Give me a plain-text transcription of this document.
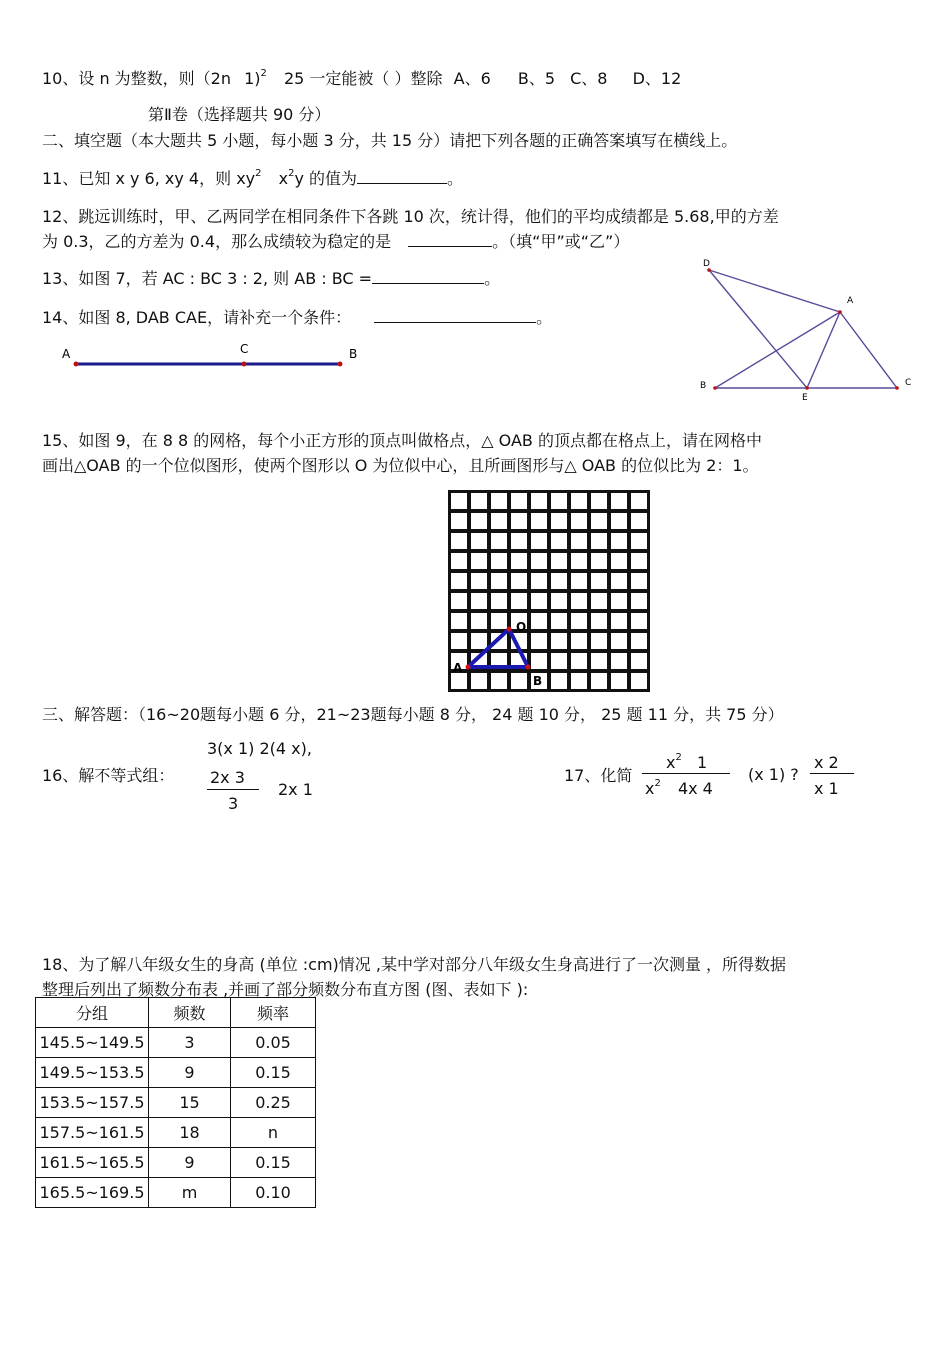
10、设 n 为整数，则（2n 1)$^2$ 25 一定能被（ ）整除 A、6 B、5 C、8 D、12
第Ⅱ卷（选择题共 90 分）
二、填空题（本大题共 5 小题，每小题 3 分，共 15 分）请把下列各题的正确答案填写在横线上。
11、已知 x y 6, xy 4，则 $xy^2$ $x^2y$ 的值为	。
12、跳远训练时，甲、乙两同学在相同条件下各跳 10 次，统计得，他们的平均成绩都是 5.68,甲的方差
为 0.3，乙的方差为 0.4，那么成绩较为稳定的是	。（填“甲”或“乙”）
13、如图 7，若 AC : BC 3 : 2, 则 AB : BC =	。
14、如图 8, DAB CAE，请补充一个条件：	。
A	C	B
D
A
B
E
C
15、如图 9，在 8 8 的网格，每个小正方形的顶点叫做格点，△ OAB 的顶点都在格点上，请在网格中
画出△OAB 的一个位似图形，使两个图形以 O 为位似中心，且所画图形与△ OAB 的位似比为 2：1。
O
A
B
三、解答题：（16~20题每小题 6 分，21~23题每小题 8 分， 24 题 10 分， 25 题 11 分，共 75 分）
16、解不等式组：
3(x 1) 2(4 x),
2x 3
3
2x 1
17、化简
$x^2$ 1
$x^2$ 4x 4
(x 1) ?
x 2
x 1
18、为了解八年级女生的身高 (单位 :cm)情况 ,某中学对部分八年级女生身高进行了一次测量 ，所得数据
整理后列出了频数分布表 ,并画了部分频数分布直方图 (图、表如下 ):
分组	频数	频率
145.5~149.5	3	0.05
149.5~153.5	9	0.15
153.5~157.5	15	0.25
157.5~161.5	18	n
161.5~165.5	9	0.15
165.5~169.5	m	0.10
